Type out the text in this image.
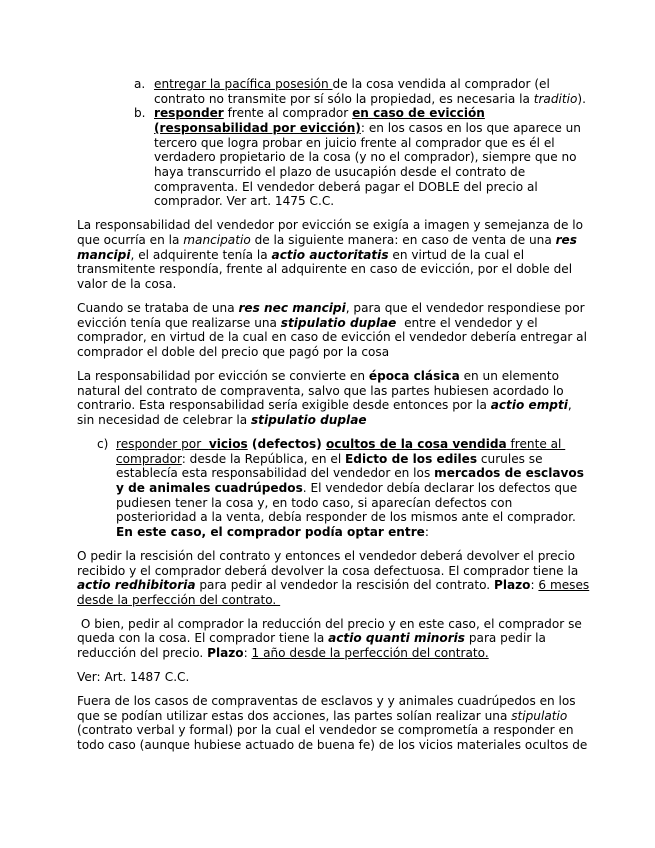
a. entregar la pacífica posesión de la cosa vendida al comprador (el
contrato no transmite por sí sólo la propiedad, es necesaria la traditio).
b. responder frente al comprador en caso de evicción
(responsabilidad por evicción): en los casos en los que aparece un
tercero que logra probar en juicio frente al comprador que es él el
verdadero propietario de la cosa (y no el comprador), siempre que no
haya transcurrido el plazo de usucapión desde el contrato de
compraventa. El vendedor deberá pagar el DOBLE del precio al
comprador. Ver art. 1475 C.C.
La responsabilidad del vendedor por evicción se exigía a imagen y semejanza de lo
que ocurría en la mancipatio de la siguiente manera: en caso de venta de una res
mancipi, el adquirente tenía la actio auctoritatis en virtud de la cual el
transmitente respondía, frente al adquirente en caso de evicción, por el doble del
valor de la cosa.
Cuando se trataba de una res nec mancipi, para que el vendedor respondiese por
evicción tenía que realizarse una stipulatio duplae  entre el vendedor y el
comprador, en virtud de la cual en caso de evicción el vendedor debería entregar al
comprador el doble del precio que pagó por la cosa
La responsabilidad por evicción se convierte en época clásica en un elemento
natural del contrato de compraventa, salvo que las partes hubiesen acordado lo
contrario. Esta responsabilidad sería exigible desde entonces por la actio empti,
sin necesidad de celebrar la stipulatio duplae
c) responder por  vicios (defectos) ocultos de la cosa vendida frente al
comprador: desde la República, en el Edicto de los ediles curules se
establecía esta responsabilidad del vendedor en los mercados de esclavos
y de animales cuadrúpedos. El vendedor debía declarar los defectos que
pudiesen tener la cosa y, en todo caso, si aparecían defectos con
posterioridad a la venta, debía responder de los mismos ante el comprador.
En este caso, el comprador podía optar entre:
O pedir la rescisión del contrato y entonces el vendedor deberá devolver el precio
recibido y el comprador deberá devolver la cosa defectuosa. El comprador tiene la
actio redhibitoria para pedir al vendedor la rescisión del contrato. Plazo: 6 meses
desde la perfección del contrato.
O bien, pedir al comprador la reducción del precio y en este caso, el comprador se
queda con la cosa. El comprador tiene la actio quanti minoris para pedir la
reducción del precio. Plazo: 1 año desde la perfección del contrato.
Ver: Art. 1487 C.C.
Fuera de los casos de compraventas de esclavos y y animales cuadrúpedos en los
que se podían utilizar estas dos acciones, las partes solían realizar una stipulatio
(contrato verbal y formal) por la cual el vendedor se comprometía a responder en
todo caso (aunque hubiese actuado de buena fe) de los vicios materiales ocultos de
